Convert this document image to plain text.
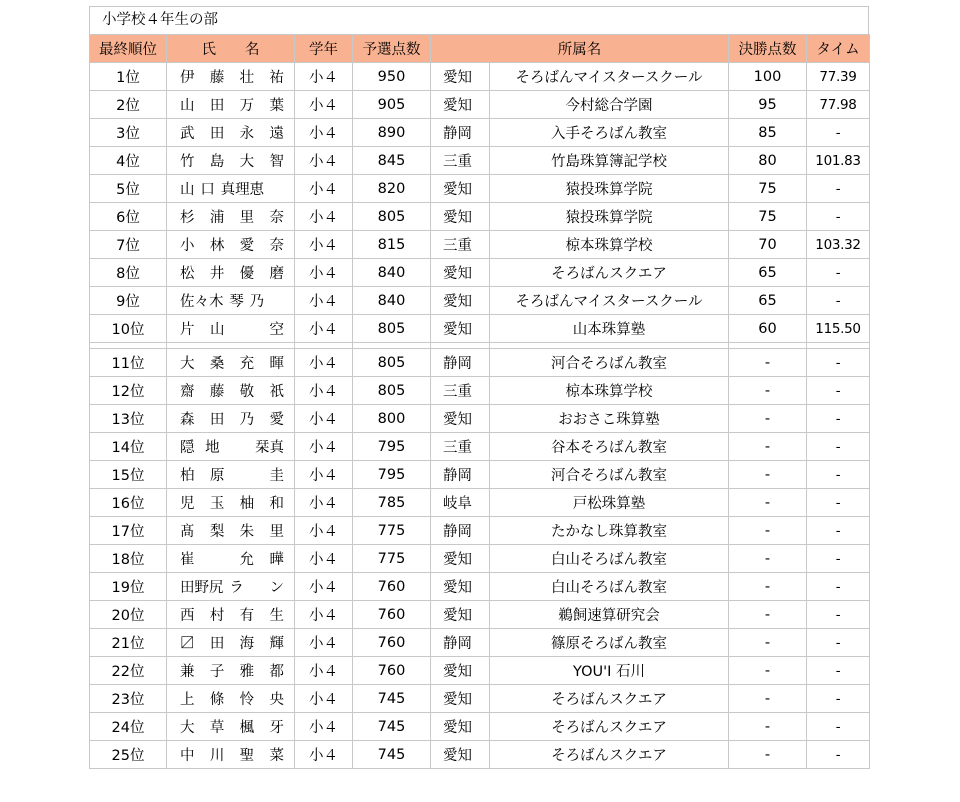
小学校４年生の部
最終順位	氏　　名	学年	予選点数	所属名		決勝点数	タイム
1位	伊 藤 壮 祐	小４	950	愛知	そろばんマイスタースクール	100	77.39
2位	山 田 万 葉	小４	905	愛知	今村総合学園	95	77.98
3位	武 田 永 遠	小４	890	静岡	入手そろばん教室	85	-
4位	竹 島 大 智	小４	845	三重	竹島珠算簿記学校	80	101.83
5位	山 口 真理恵	小４	820	愛知	猿投珠算学院	75	-
6位	杉 浦 里 奈	小４	805	愛知	猿投珠算学院	75	-
7位	小 林 愛 奈	小４	815	三重	椋本珠算学校	70	103.32
8位	松 井 優 磨	小４	840	愛知	そろばんスクエア	65	-
9位	佐々木 琴 乃	小４	840	愛知	そろばんマイスタースクール	65	-
10位	片 山 空	小４	805	愛知	山本珠算塾	60	115.50

11位	大 桑 充 暉	小４	805	静岡	河合そろばん教室	-	-
12位	齋 藤 敬 祇	小４	805	三重	椋本珠算学校	-	-
13位	森 田 乃 愛	小４	800	愛知	おおさこ珠算塾	-	-
14位	隠 地 栞真	小４	795	三重	谷本そろばん教室	-	-
15位	柏 原 圭	小４	795	静岡	河合そろばん教室	-	-
16位	児 玉 柚 和	小４	785	岐阜	戸松珠算塾	-	-
17位	髙 梨 朱 里	小４	775	静岡	たかなし珠算教室	-	-
18位	崔 允 曄	小４	775	愛知	白山そろばん教室	-	-
19位	田野尻 ラ ン	小４	760	愛知	白山そろばん教室	-	-
20位	西 村 有 生	小４	760	愛知	鵜飼速算研究会	-	-
21位	〼 田 海 輝	小４	760	静岡	篠原そろばん教室	-	-
22位	兼 子 雅 都	小４	760	愛知	YOU'I 石川	-	-
23位	上 條 怜 央	小４	745	愛知	そろばんスクエア	-	-
24位	大 草 楓 牙	小４	745	愛知	そろばんスクエア	-	-
25位	中 川 聖 菜	小４	745	愛知	そろばんスクエア	-	-
